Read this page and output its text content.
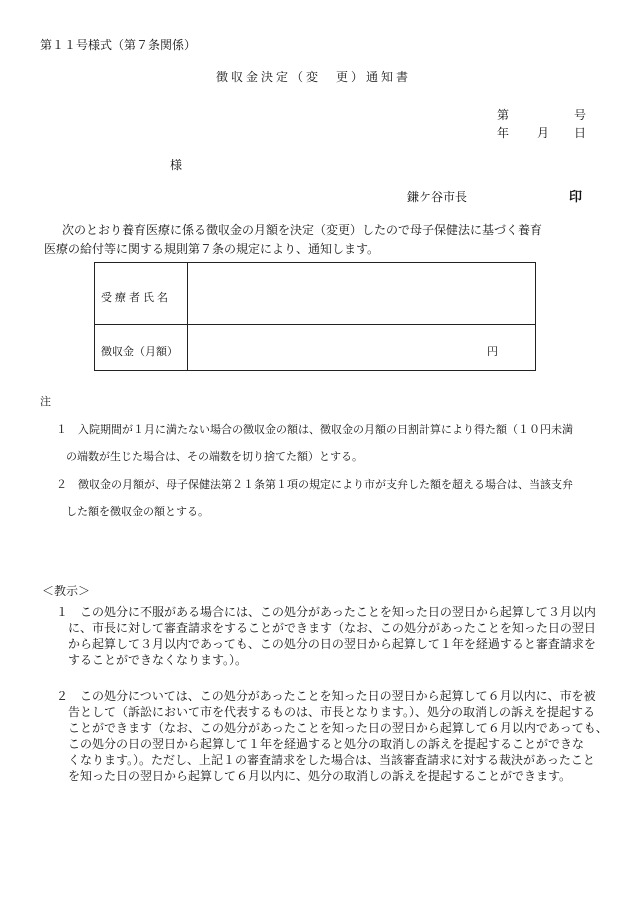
第１１号様式（第７条関係）
徴収金決定（変　更）通知書
第	号
年 月 日
様
鎌ケ谷市長	印

次のとおり養育医療に係る徴収金の月額を決定（変更）したので母子保健法に基づく養育

医療の給付等に関する規則第７条の規定により、通知します。

受療者氏名
徴収金（月額）	円
注
１　入院期間が１月に満たない場合の徴収金の額は、徴収金の月額の日割計算により得た額（１０円未満
の端数が生じた場合は、その端数を切り捨てた額）とする。
２　徴収金の月額が、母子保健法第２１条第１項の規定により市が支弁した額を超える場合は、当該支弁
した額を徴収金の額とする。
＜教示＞

１　この処分に不服がある場合には、この処分があったことを知った日の翌日から起算して３月以内

に、市長に対して審査請求をすることができます（なお、この処分があったことを知った日の翌日

から起算して３月以内であっても、この処分の日の翌日から起算して１年を経過すると審査請求を

することができなくなります。）。

２　この処分については、この処分があったことを知った日の翌日から起算して６月以内に、市を被

告として（訴訟において市を代表するものは、市長となります。）、処分の取消しの訴えを提起する

ことができます（なお、この処分があったことを知った日の翌日から起算して６月以内であっても、

この処分の日の翌日から起算して１年を経過すると処分の取消しの訴えを提起することができな

くなります。）。ただし、上記１の審査請求をした場合は、当該審査請求に対する裁決があったこと

を知った日の翌日から起算して６月以内に、処分の取消しの訴えを提起することができます。
